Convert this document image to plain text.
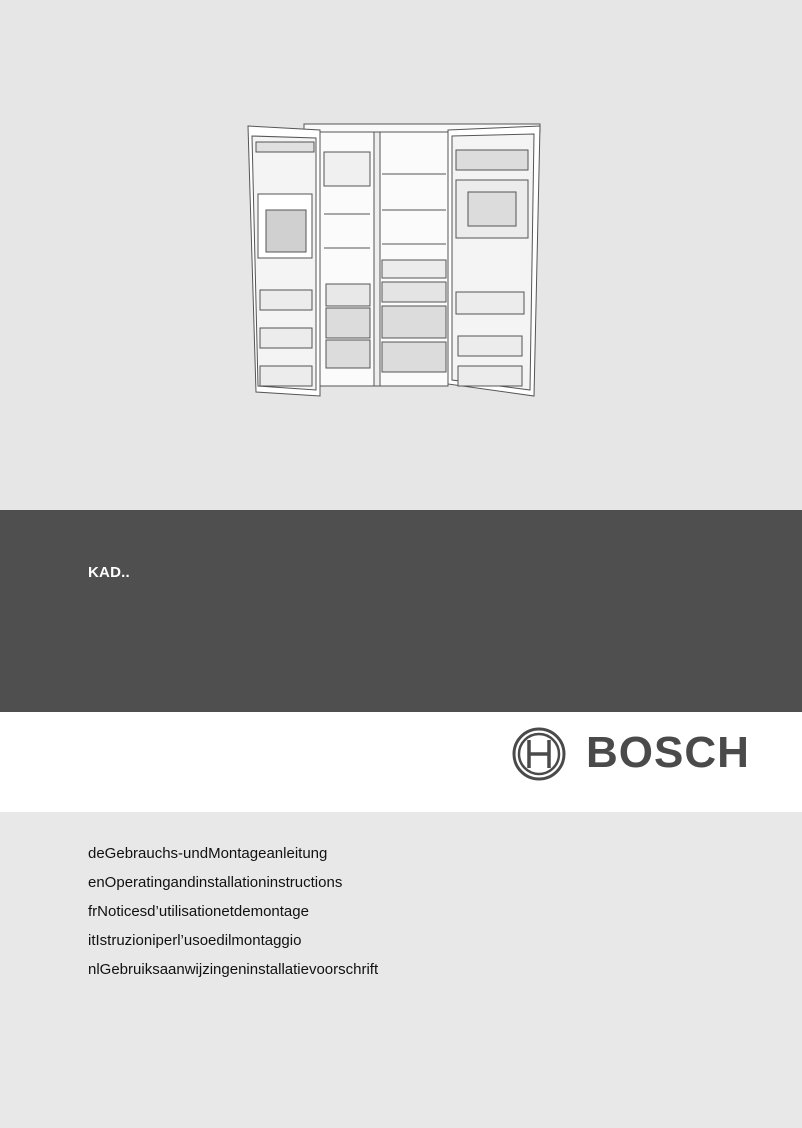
KAD..
BOSCH
deGebrauchs-undMontageanleitung
enOperatingandinstallationinstructions
frNoticesd’utilisationetdemontage
itIstruzioniperl’usoedilmontaggio
nlGebruiksaanwijzingeninstallatievoorschrift
